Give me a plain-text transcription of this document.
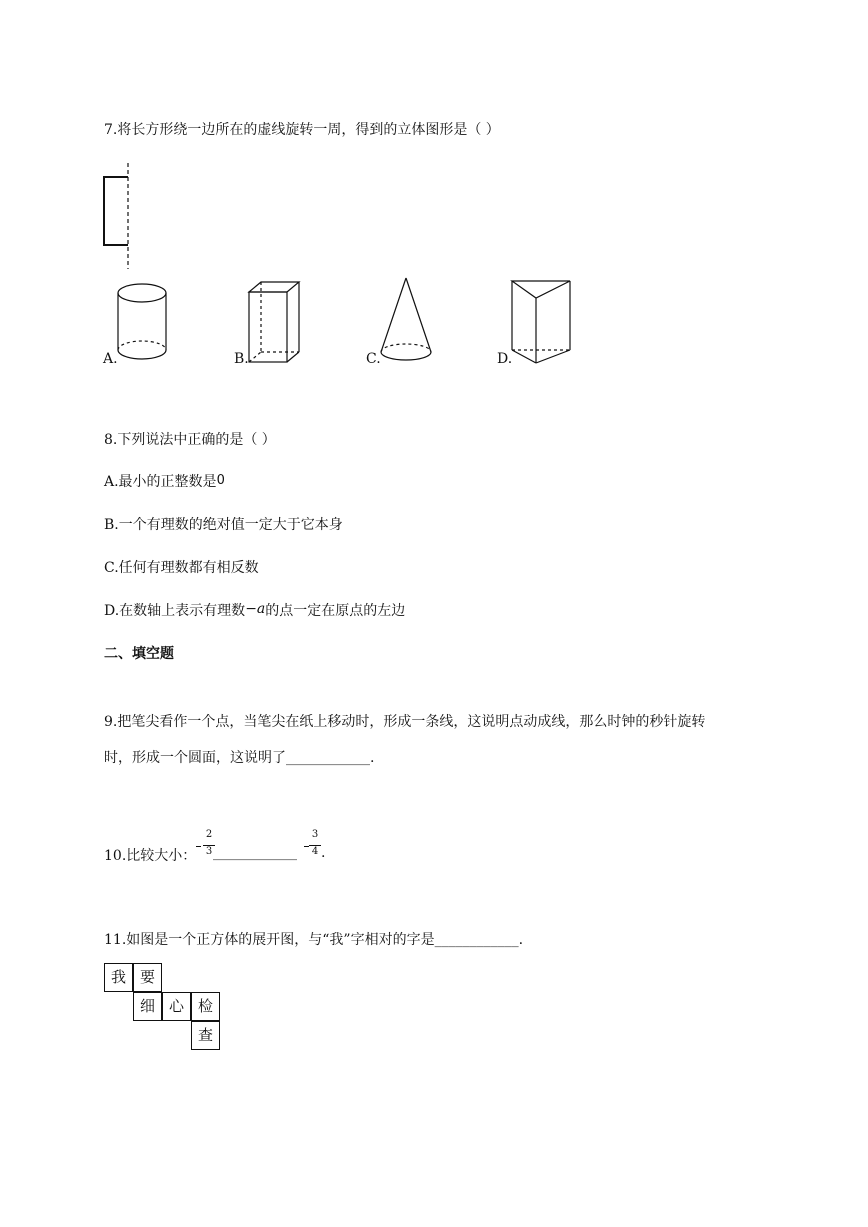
7.将长方形绕一边所在的虚线旋转一周，得到的立体图形是（ ）
A.	B.	C.	D.
8.下列说法中正确的是（ ）
A.最小的正整数是0
B.一个有理数的绝对值一定大于它本身
C.任何有理数都有相反数
D.在数轴上表示有理数−a的点一定在原点的左边
二、填空题
9.把笔尖看作一个点，当笔尖在纸上移动时，形成一条线，这说明点动成线，那么时钟的秒针旋转
时，形成一个圆面，这说明了____________.
10.比较大小：
2
3 ____________
3
4 .
11.如图是一个正方体的展开图，与“我”字相对的字是____________.
我 要
细 心 检
查
